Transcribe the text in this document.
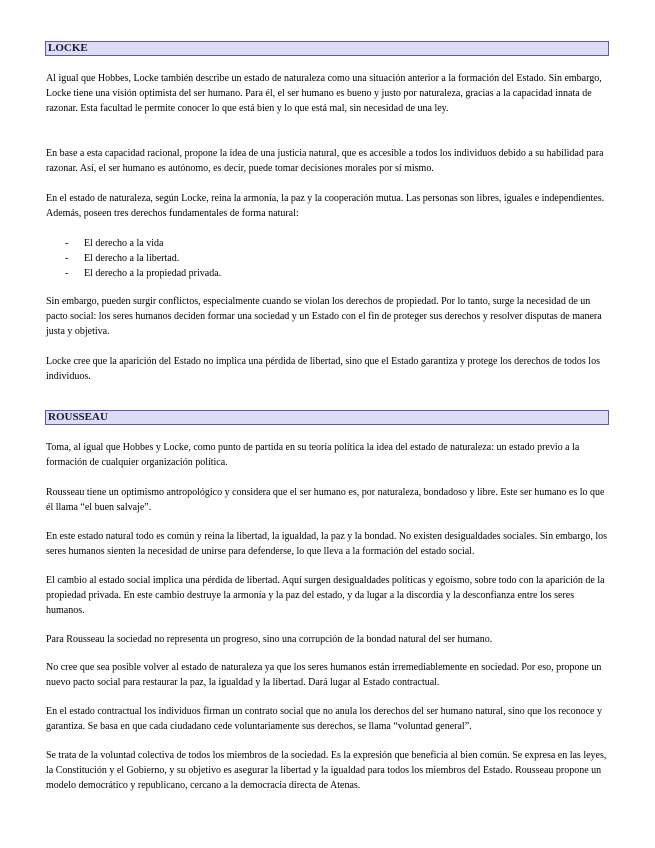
LOCKE

Al igual que Hobbes, Locke también describe un estado de naturaleza como una situación anterior a la formación del Estado. Sin embargo, Locke tiene una visión optimista del ser humano. Para él, el ser humano es bueno y justo por naturaleza, gracias a la capacidad innata de razonar. Esta facultad le permite conocer lo que está bien y lo que está mal, sin necesidad de una ley.

En base a esta capacidad racional, propone la idea de una justicia natural, que es accesible a todos los individuos debido a su habilidad para razonar. Así, el ser humano es autónomo, es decir, puede tomar decisiones morales por sí mismo.

En el estado de naturaleza, según Locke, reina la armonía, la paz y la cooperación mutua. Las personas son libres, iguales e independientes. Además, poseen tres derechos fundamentales de forma natural:

- El derecho a la vida
- El derecho a la libertad.
- El derecho a la propiedad privada.

Sin embargo, pueden surgir conflictos, especialmente cuando se violan los derechos de propiedad. Por lo tanto, surge la necesidad de un pacto social: los seres humanos deciden formar una sociedad y un Estado con el fin de proteger sus derechos y resolver disputas de manera justa y objetiva.

Locke cree que la aparición del Estado no implica una pérdida de libertad, sino que el Estado garantiza y protege los derechos de todos los individuos.

ROUSSEAU

Toma, al igual que Hobbes y Locke, como punto de partida en su teoría política la idea del estado de naturaleza: un estado previo a la formación de cualquier organización política.

Rousseau tiene un optimismo antropológico y considera que el ser humano es, por naturaleza, bondadoso y libre. Este ser humano es lo que él llama “el buen salvaje”.

En este estado natural todo es común y reina la libertad, la igualdad, la paz y la bondad. No existen desigualdades sociales. Sin embargo, los seres humanos sienten la necesidad de unirse para defenderse, lo que lleva a la formación del estado social.

El cambio al estado social implica una pérdida de libertad. Aquí surgen desigualdades políticas y egoísmo, sobre todo con la aparición de la propiedad privada. En este cambio destruye la armonía y la paz del estado, y da lugar a la discordia y la desconfianza entre los seres humanos.

Para Rousseau la sociedad no representa un progreso, sino una corrupción de la bondad natural del ser humano.

No cree que sea posible volver al estado de naturaleza ya que los seres humanos están irremediablemente en sociedad. Por eso, propone un nuevo pacto social para restaurar la paz, la igualdad y la libertad. Dará lugar al Estado contractual.

En el estado contractual los individuos firman un contrato social que no anula los derechos del ser humano natural, sino que los reconoce y garantiza. Se basa en que cada ciudadano cede voluntariamente sus derechos, se llama “voluntad general”.

Se trata de la voluntad colectiva de todos los miembros de la sociedad. Es la expresión que beneficia al bien común. Se expresa en las leyes, la Constitución y el Gobierno, y su objetivo es asegurar la libertad y la igualdad para todos los miembros del Estado. Rousseau propone un modelo democrático y republicano, cercano a la democracia directa de Atenas.
